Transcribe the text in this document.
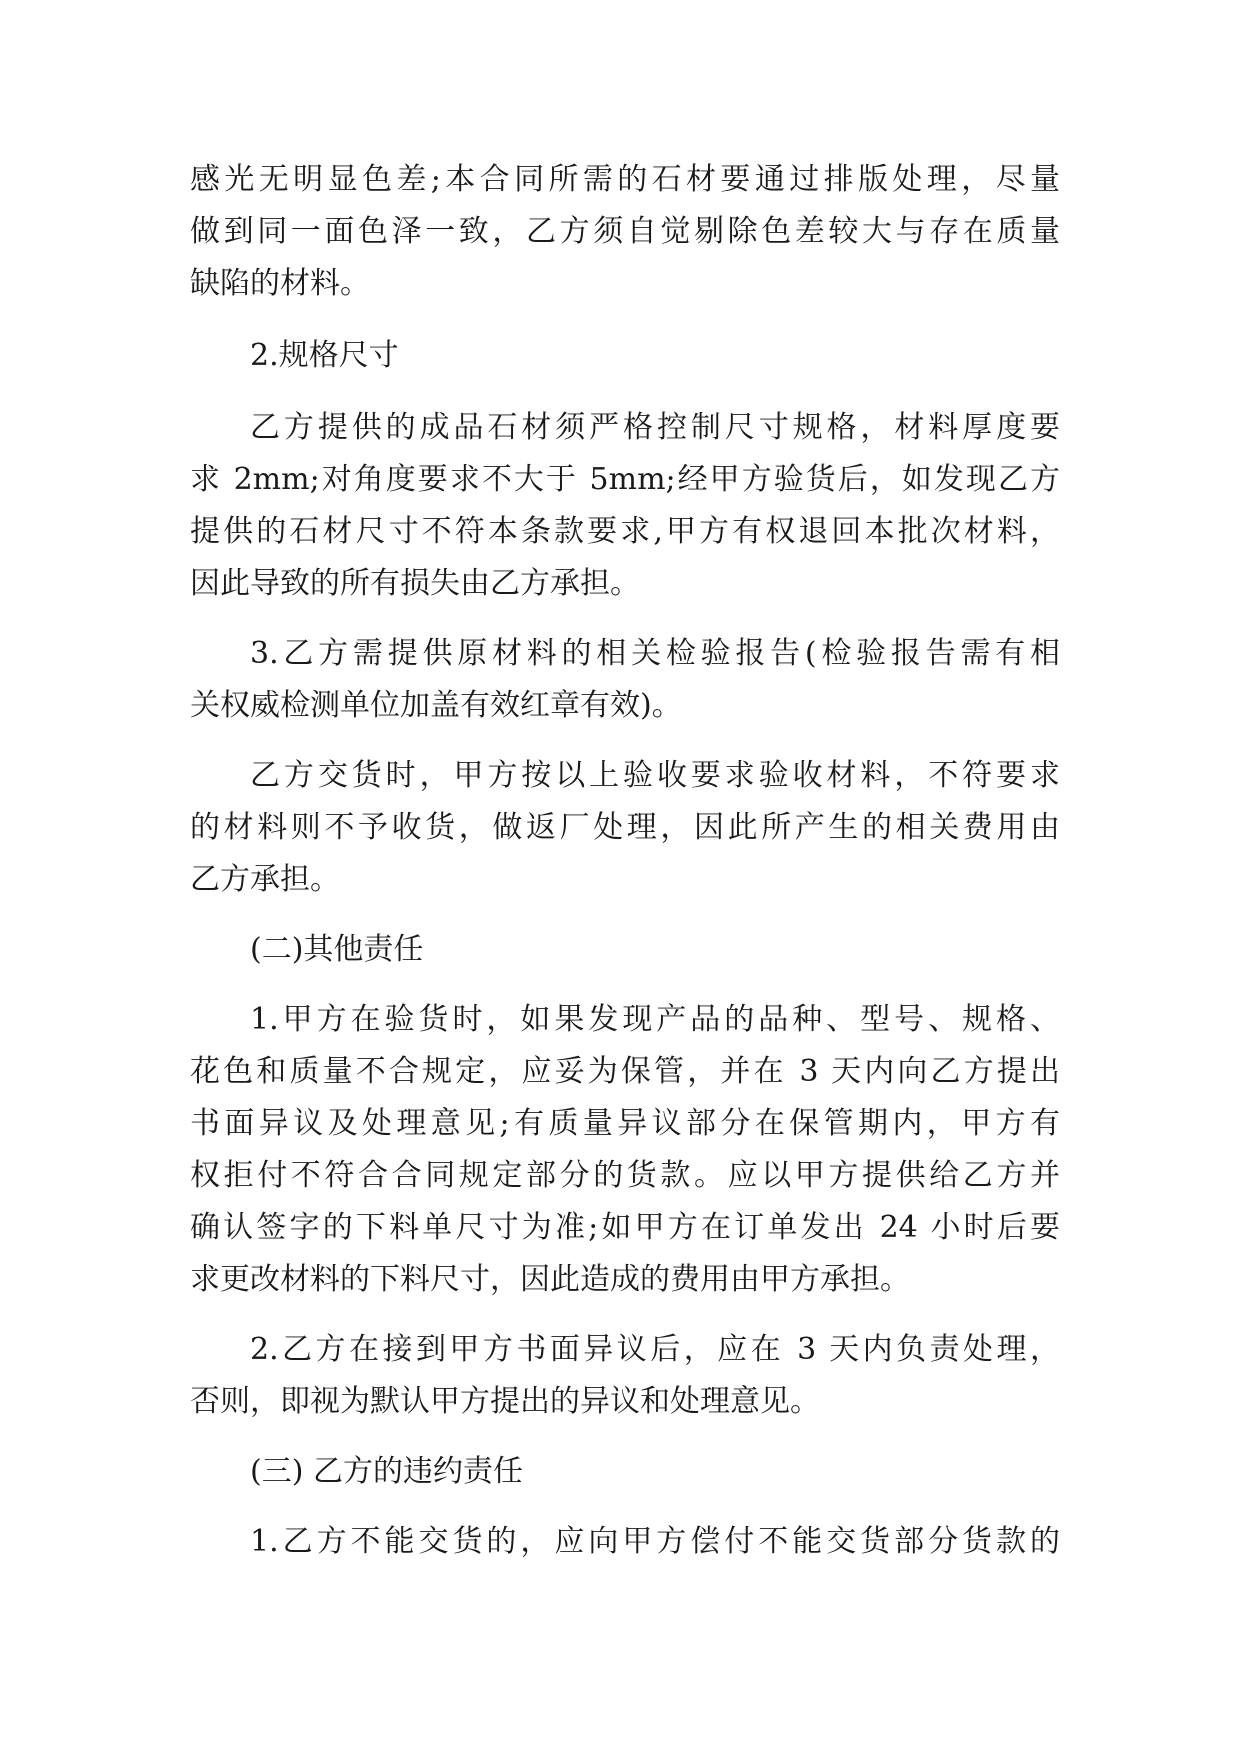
感光无明显色差;本合同所需的石材要通过排版处理，尽量
做到同一面色泽一致，乙方须自觉剔除色差较大与存在质量
缺陷的材料。
2.规格尺寸
乙方提供的成品石材须严格控制尺寸规格，材料厚度要
求 2mm;对角度要求不大于 5mm;经甲方验货后，如发现乙方
提供的石材尺寸不符本条款要求,甲方有权退回本批次材料，
因此导致的所有损失由乙方承担。
3.乙方需提供原材料的相关检验报告(检验报告需有相
关权威检测单位加盖有效红章有效)。
乙方交货时，甲方按以上验收要求验收材料，不符要求
的材料则不予收货，做返厂处理，因此所产生的相关费用由
乙方承担。
(二)其他责任
1.甲方在验货时，如果发现产品的品种、型号、规格、
花色和质量不合规定，应妥为保管，并在 3 天内向乙方提出
书面异议及处理意见;有质量异议部分在保管期内，甲方有
权拒付不符合合同规定部分的货款。应以甲方提供给乙方并
确认签字的下料单尺寸为准;如甲方在订单发出 24 小时后要
求更改材料的下料尺寸，因此造成的费用由甲方承担。
2.乙方在接到甲方书面异议后，应在 3 天内负责处理，
否则，即视为默认甲方提出的异议和处理意见。
(三) 乙方的违约责任
1.乙方不能交货的，应向甲方偿付不能交货部分货款的
